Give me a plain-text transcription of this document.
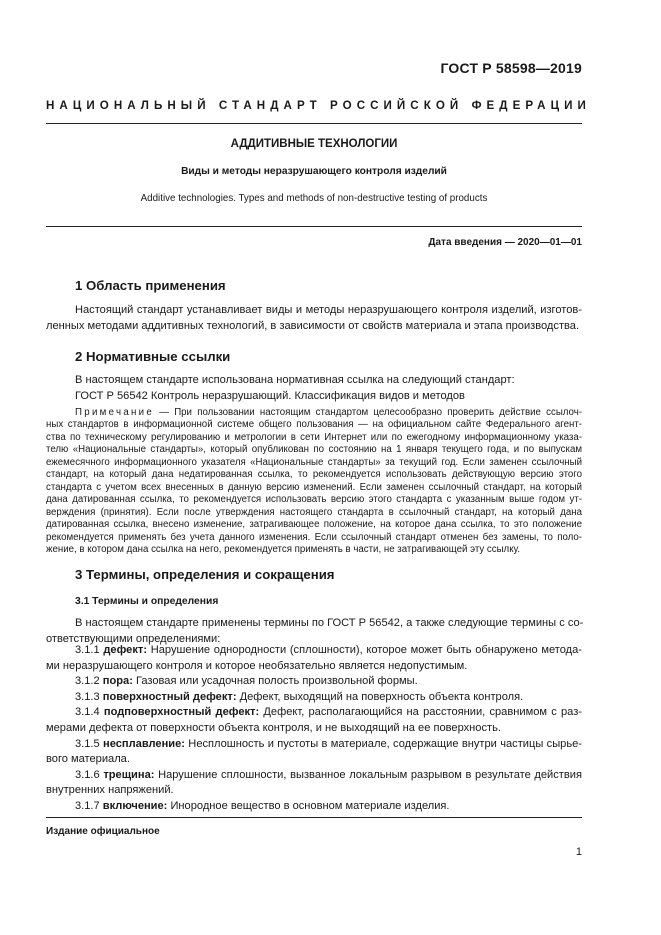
ГОСТ Р 58598—2019
НАЦИОНАЛЬНЫЙ СТАНДАРТ РОССИЙСКОЙ ФЕДЕРАЦИИ
АДДИТИВНЫЕ ТЕХНОЛОГИИ
Виды и методы неразрушающего контроля изделий
Additive technologies. Types and methods of non-destructive testing of products
Дата введения — 2020—01—01
1 Область применения
Настоящий стандарт устанавливает виды и методы неразрушающего контроля изделий, изготов-
ленных методами аддитивных технологий, в зависимости от свойств материала и этапа производства.
2 Нормативные ссылки
В настоящем стандарте использована нормативная ссылка на следующий стандарт:
ГОСТ Р 56542 Контроль неразрушающий. Классификация видов и методов
Примечание — При пользовании настоящим стандартом целесообразно проверить действие ссылоч-
ных стандартов в информационной системе общего пользования — на официальном сайте Федерального агент-
ства по техническому регулированию и метрологии в сети Интернет или по ежегодному информационному указа-
телю «Национальные стандарты», который опубликован по состоянию на 1 января текущего года, и по выпускам
ежемесячного информационного указателя «Национальные стандарты» за текущий год. Если заменен ссылочный
стандарт, на который дана недатированная ссылка, то рекомендуется использовать действующую версию этого
стандарта с учетом всех внесенных в данную версию изменений. Если заменен ссылочный стандарт, на который
дана датированная ссылка, то рекомендуется использовать версию этого стандарта с указанным выше годом ут-
верждения (принятия). Если после утверждения настоящего стандарта в ссылочный стандарт, на который дана
датированная ссылка, внесено изменение, затрагивающее положение, на которое дана ссылка, то это положение
рекомендуется применять без учета данного изменения. Если ссылочный стандарт отменен без замены, то поло-
жение, в котором дана ссылка на него, рекомендуется применять в части, не затрагивающей эту ссылку.
3 Термины, определения и сокращения
3.1 Термины и определения
В настоящем стандарте применены термины по ГОСТ Р 56542, а также следующие термины с со-
ответствующими определениями:
3.1.1 дефект: Нарушение однородности (сплошности), которое может быть обнаружено метода-
ми неразрушающего контроля и которое необязательно является недопустимым.
3.1.2 пора: Газовая или усадочная полость произвольной формы.
3.1.3 поверхностный дефект: Дефект, выходящий на поверхность объекта контроля.
3.1.4 подповерхностный дефект: Дефект, располагающийся на расстоянии, сравнимом с раз-
мерами дефекта от поверхности объекта контроля, и не выходящий на ее поверхность.
3.1.5 несплавление: Несплошность и пустоты в материале, содержащие внутри частицы сырье-
вого материала.
3.1.6 трещина: Нарушение сплошности, вызванное локальным разрывом в результате действия
внутренних напряжений.
3.1.7 включение: Инородное вещество в основном материале изделия.
Издание официальное
1
